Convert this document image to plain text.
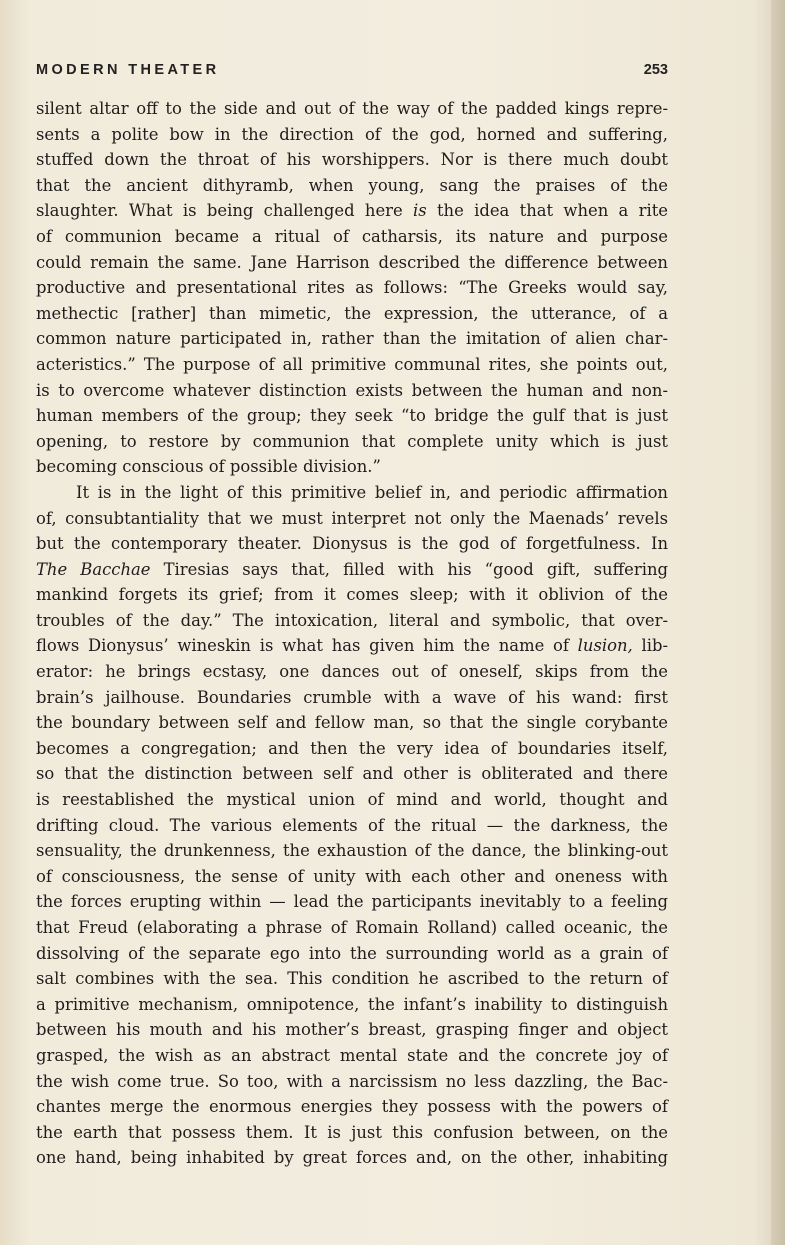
MODERN THEATER	253
silent altar off to the side and out of the way of the padded kings repre-
sents a polite bow in the direction of the god, horned and suffering,
stuffed down the throat of his worshippers. Nor is there much doubt
that the ancient dithyramb, when young, sang the praises of the
slaughter. What is being challenged here is the idea that when a rite
of communion became a ritual of catharsis, its nature and purpose
could remain the same. Jane Harrison described the difference between
productive and presentational rites as follows: “The Greeks would say,
methectic [rather] than mimetic, the expression, the utterance, of a
common nature participated in, rather than the imitation of alien char-
acteristics.” The purpose of all primitive communal rites, she points out,
is to overcome whatever distinction exists between the human and non-
human members of the group; they seek “to bridge the gulf that is just
opening, to restore by communion that complete unity which is just
becoming conscious of possible division.”
It is in the light of this primitive belief in, and periodic affirmation
of, consubtantiality that we must interpret not only the Maenads’ revels
but the contemporary theater. Dionysus is the god of forgetfulness. In
The Bacchae Tiresias says that, filled with his “good gift, suffering
mankind forgets its grief; from it comes sleep; with it oblivion of the
troubles of the day.” The intoxication, literal and symbolic, that over-
flows Dionysus’ wineskin is what has given him the name of lusion, lib-
erator: he brings ecstasy, one dances out of oneself, skips from the
brain’s jailhouse. Boundaries crumble with a wave of his wand: first
the boundary between self and fellow man, so that the single corybante
becomes a congregation; and then the very idea of boundaries itself,
so that the distinction between self and other is obliterated and there
is reestablished the mystical union of mind and world, thought and
drifting cloud. The various elements of the ritual — the darkness, the
sensuality, the drunkenness, the exhaustion of the dance, the blinking-out
of consciousness, the sense of unity with each other and oneness with
the forces erupting within — lead the participants inevitably to a feeling
that Freud (elaborating a phrase of Romain Rolland) called oceanic, the
dissolving of the separate ego into the surrounding world as a grain of
salt combines with the sea. This condition he ascribed to the return of
a primitive mechanism, omnipotence, the infant’s inability to distinguish
between his mouth and his mother’s breast, grasping finger and object
grasped, the wish as an abstract mental state and the concrete joy of
the wish come true. So too, with a narcissism no less dazzling, the Bac-
chantes merge the enormous energies they possess with the powers of
the earth that possess them. It is just this confusion between, on the
one hand, being inhabited by great forces and, on the other, inhabiting
